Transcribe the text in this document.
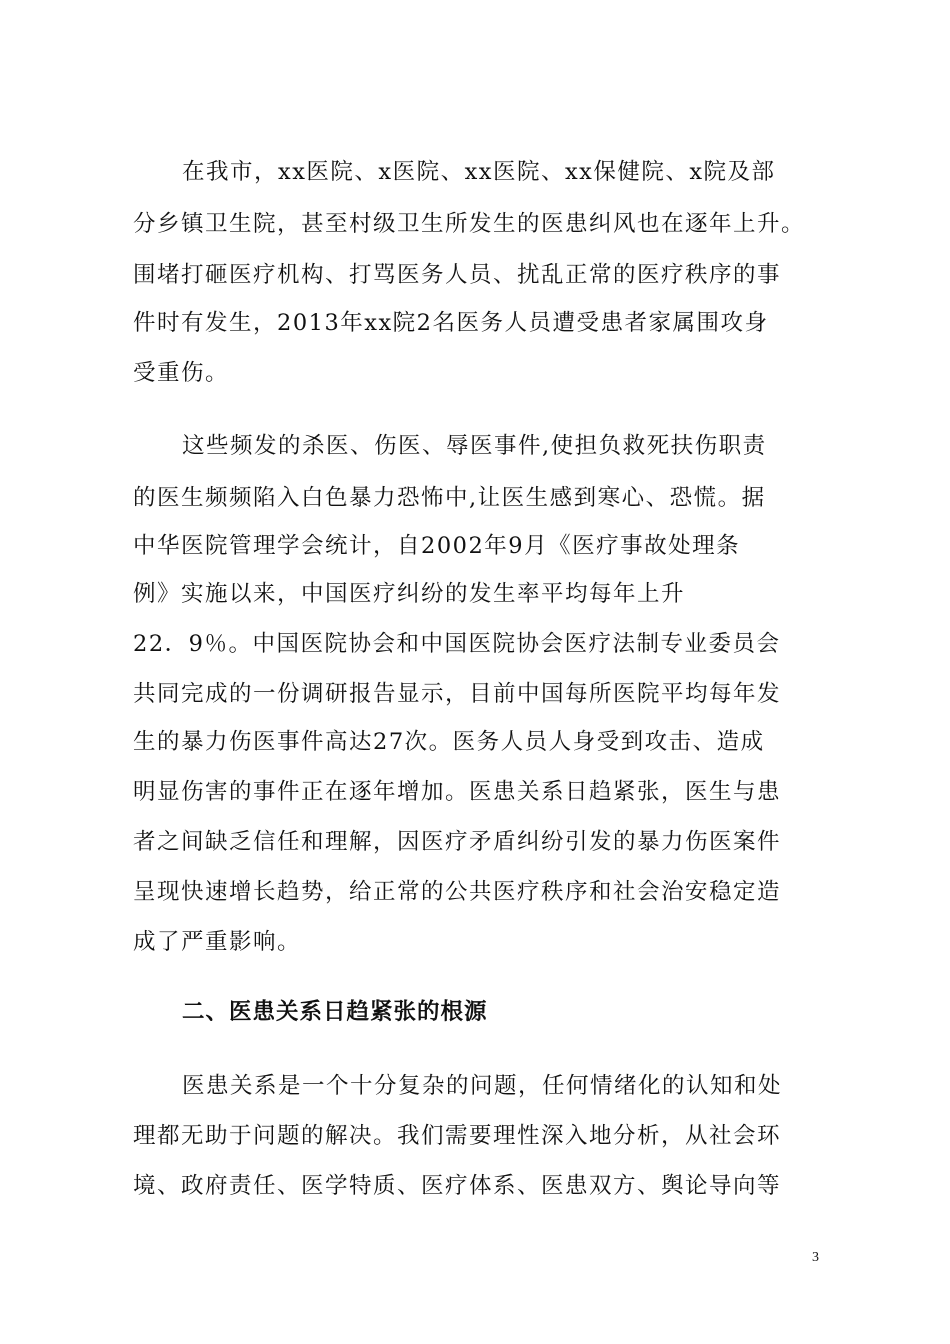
在我市，xx医院、x医院、xx医院、xx保健院、x院及部
分乡镇卫生院，甚至村级卫生所发生的医患纠风也在逐年上升。
围堵打砸医疗机构、打骂医务人员、扰乱正常的医疗秩序的事
件时有发生，2013年xx院2名医务人员遭受患者家属围攻身
受重伤。
这些频发的杀医、伤医、辱医事件,使担负救死扶伤职责
的医生频频陷入白色暴力恐怖中,让医生感到寒心、恐慌。据
中华医院管理学会统计，自2002年9月《医疗事故处理条
例》实施以来，中国医疗纠纷的发生率平均每年上升
22．9％。中国医院协会和中国医院协会医疗法制专业委员会
共同完成的一份调研报告显示，目前中国每所医院平均每年发
生的暴力伤医事件高达27次。医务人员人身受到攻击、造成
明显伤害的事件正在逐年增加。医患关系日趋紧张，医生与患
者之间缺乏信任和理解，因医疗矛盾纠纷引发的暴力伤医案件
呈现快速增长趋势，给正常的公共医疗秩序和社会治安稳定造
成了严重影响。
二、医患关系日趋紧张的根源
医患关系是一个十分复杂的问题，任何情绪化的认知和处
理都无助于问题的解决。我们需要理性深入地分析，从社会环
境、政府责任、医学特质、医疗体系、医患双方、舆论导向等
3
